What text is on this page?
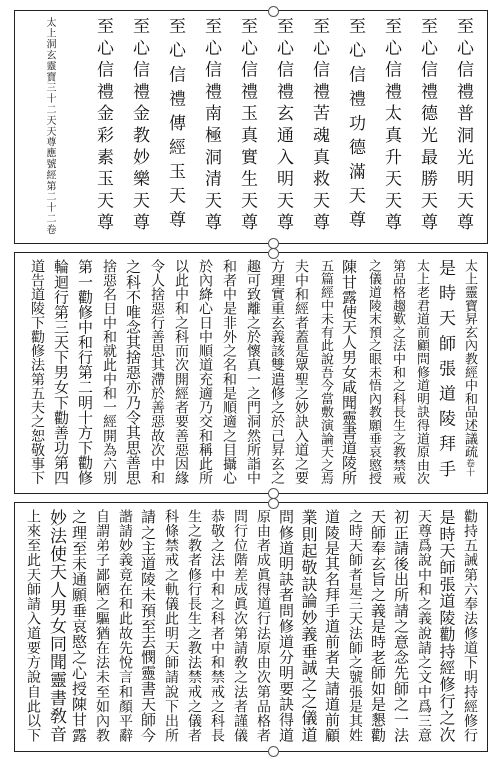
至心信禮普洞光明天尊
至心信禮德光最勝天尊
至心信禮太真升天天尊
至心信禮功德滿天尊
至心信禮苦魂真救天尊
至心信禮玄通入明天尊
至心信禮玉真實生天尊
至心信禮南極洞清天尊
至心信禮傳經玉天尊
至心信禮金教妙樂天尊
至心信禮金彩素玉天尊
太上洞玄靈寶三十二天天尊應號經第二十二卷
太上靈寶昇玄內教經中和品述議疏卷十
是時天師張道陵拜手
太上老君道前顧問修道明訣得道原由次
第品格趨歎之法中和之科長生之教禁戒
之儀道陵末預之眼未悟內教願垂哀愍授
陳甘露使天人男女咸聞靈書道陵所
五篇經中未有此說吾今當敷演論天之焉
夫中和經者蓋是眾聖之妙訣入道之要
方理實重玄義該雙遣修之於己昇玄之
趣可致離之於懷真一之門洞然所詣中
和者中是非外之名和是順適之目攝心
於內絳心日中順道充適乃交和稱此所
以此中和之科而次開經者要善惡因緣
令人捨惡行善思其滯於善惡故次中和
之科不唯念其捨惡亦乃令其思善思
捨惡名日中和就此中和一經開為六別
第一勸修中和行第二明十方下勸修
輪迴行第三天下男女下勸善功第四
道告道陵下勸修法第五夫之恕敬事下
勸持五誡第六奉法修道下明持經修行
是時天師張道陵勸持經修行之次
天尊爲說中和之義說請之文中爲三意
初正請後出所請之意念先師之一法
天師奉玄旨之義是時老師如是懇勸
之時天師者是三天法師之號張是其姓
道陵是其名拜手道前者夫請道前顧
業則起敬訣論妙義垂誠之之儀道
問修道明訣者問修道分明要訣得道
原由者成眞得道行法原由次第品格者
問行位階差成眞次第請敎之法者謹儀
恭敬之法中和之科者中和禁戒之科長
生之教者修行長生之教法禁戒之儀者
科條禁戒之軌儀此明天師請說下出所
請之主道陵未預至去憫靈書天師今
諧請妙義竟在和此故先悅言和顏平辭
自謂弟子鄙陋之驅猶在法未至如內教
之理至未通願垂哀愍之心授陳甘露
妙法使天人男女同聞靈書敎音
上來至此天師請入道要方說自此以下
